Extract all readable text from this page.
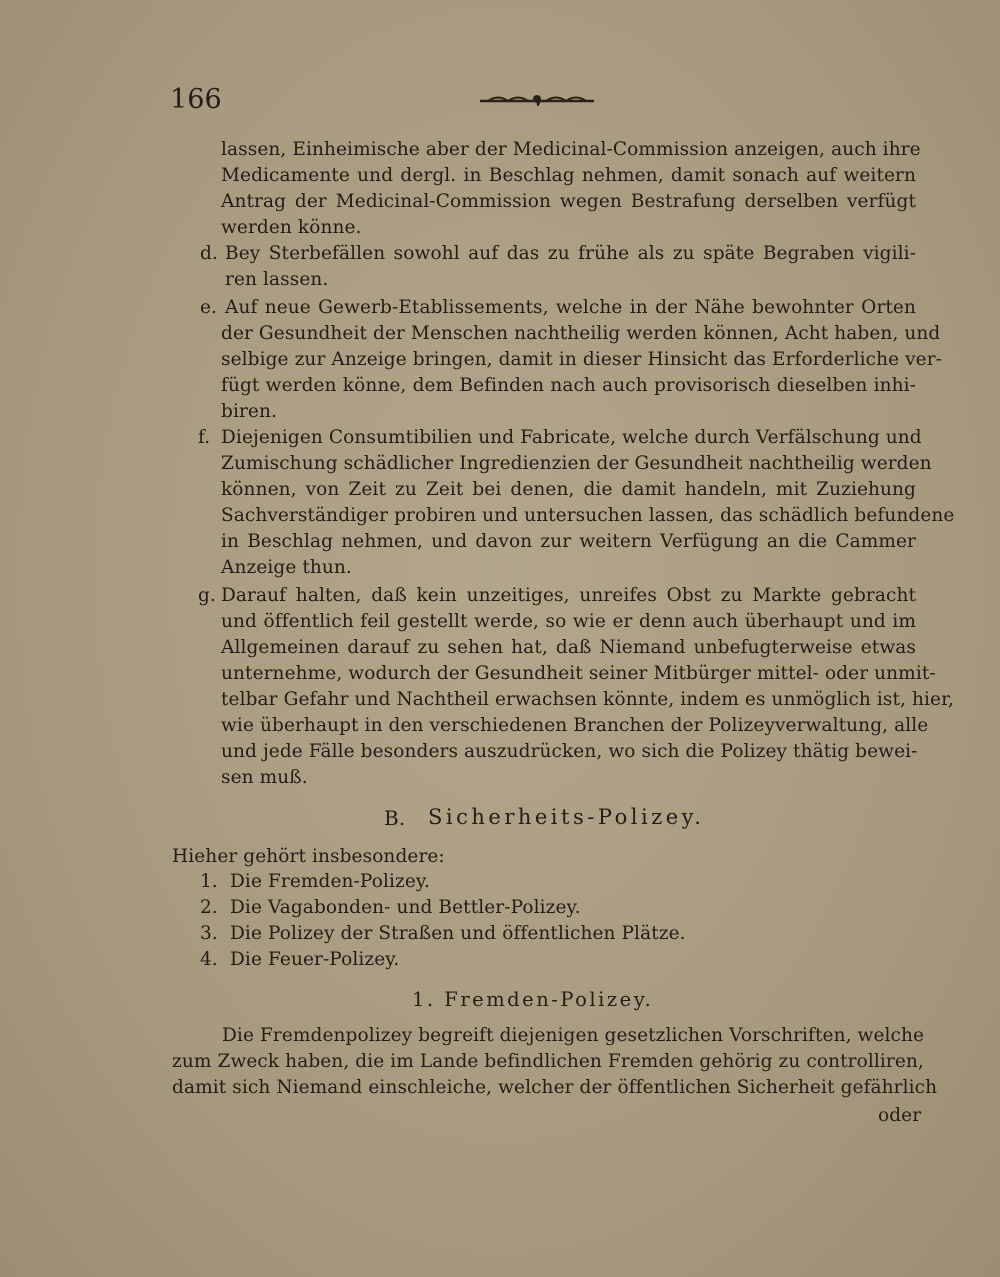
166
lassen, Einheimische aber der Medicinal-Commission anzeigen, auch ihre
Medicamente und dergl. in Beschlag nehmen, damit sonach auf weitern
Antrag der Medicinal-Commission wegen Bestrafung derselben verfügt
werden könne.
d. Bey Sterbefällen sowohl auf das zu frühe als zu späte Begraben vigili-
ren lassen.
e. Auf neue Gewerb-Etablissements, welche in der Nähe bewohnter Orten
der Gesundheit der Menschen nachtheilig werden können, Acht haben, und
selbige zur Anzeige bringen, damit in dieser Hinsicht das Erforderliche ver-
fügt werden könne, dem Befinden nach auch provisorisch dieselben inhi-
biren.
f. Diejenigen Consumtibilien und Fabricate, welche durch Verfälschung und
Zumischung schädlicher Ingredienzien der Gesundheit nachtheilig werden
können, von Zeit zu Zeit bei denen, die damit handeln, mit Zuziehung
Sachverständiger probiren und untersuchen lassen, das schädlich befundene
in Beschlag nehmen, und davon zur weitern Verfügung an die Cammer
Anzeige thun.
g. Darauf halten, daß kein unzeitiges, unreifes Obst zu Markte gebracht
und öffentlich feil gestellt werde, so wie er denn auch überhaupt und im
Allgemeinen darauf zu sehen hat, daß Niemand unbefugterweise etwas
unternehme, wodurch der Gesundheit seiner Mitbürger mittel- oder unmit-
telbar Gefahr und Nachtheil erwachsen könnte, indem es unmöglich ist, hier,
wie überhaupt in den verschiedenen Branchen der Polizeyverwaltung, alle
und jede Fälle besonders auszudrücken, wo sich die Polizey thätig bewei-
sen muß.
B. Sicherheits-Polizey.
Hieher gehört insbesondere:
1. Die Fremden-Polizey.
2. Die Vagabonden- und Bettler-Polizey.
3. Die Polizey der Straßen und öffentlichen Plätze.
4. Die Feuer-Polizey.
1. Fremden-Polizey.
Die Fremdenpolizey begreift diejenigen gesetzlichen Vorschriften, welche
zum Zweck haben, die im Lande befindlichen Fremden gehörig zu controlliren,
damit sich Niemand einschleiche, welcher der öffentlichen Sicherheit gefährlich
oder
